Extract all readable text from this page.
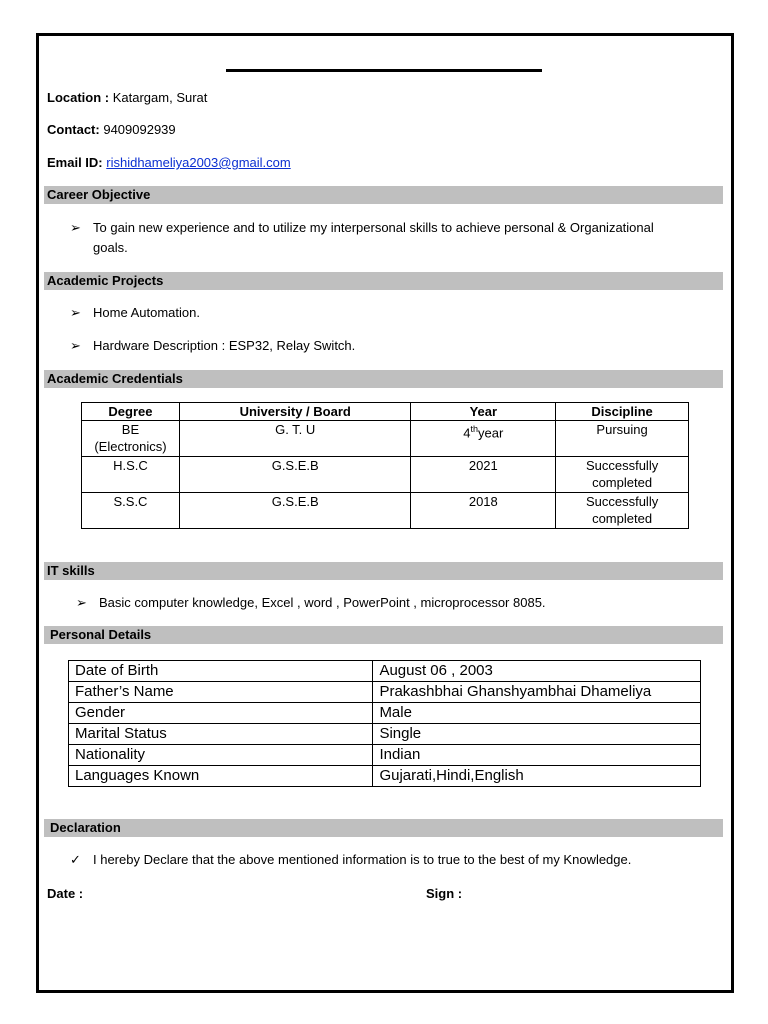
Location : Katargam, Surat
Contact: 9409092939
Email ID: rishidhameliya2003@gmail.com
Career Objective
➢ To gain new experience and to utilize my interpersonal skills to achieve personal & Organizational
goals.
Academic Projects
➢ Home Automation.
➢ Hardware Description : ESP32, Relay Switch.
Academic Credentials
Degree	University / Board	Year	Discipline

BE
(Electronics)	G. T. U	4thyear	Pursuing

H.S.C	G.S.E.B	2021	Successfully
completed

S.S.C	G.S.E.B	2018	Successfully
completed
IT skills
➢ Basic computer knowledge, Excel , word , PowerPoint , microprocessor 8085.
Personal Details
Date of Birth	August 06 , 2003
Father’s Name	Prakashbhai Ghanshyambhai Dhameliya
Gender	Male
Marital Status	Single
Nationality	Indian
Languages Known	Gujarati,Hindi,English
Declaration
✓ I hereby Declare that the above mentioned information is to true to the best of my Knowledge.
Date :	Sign :
